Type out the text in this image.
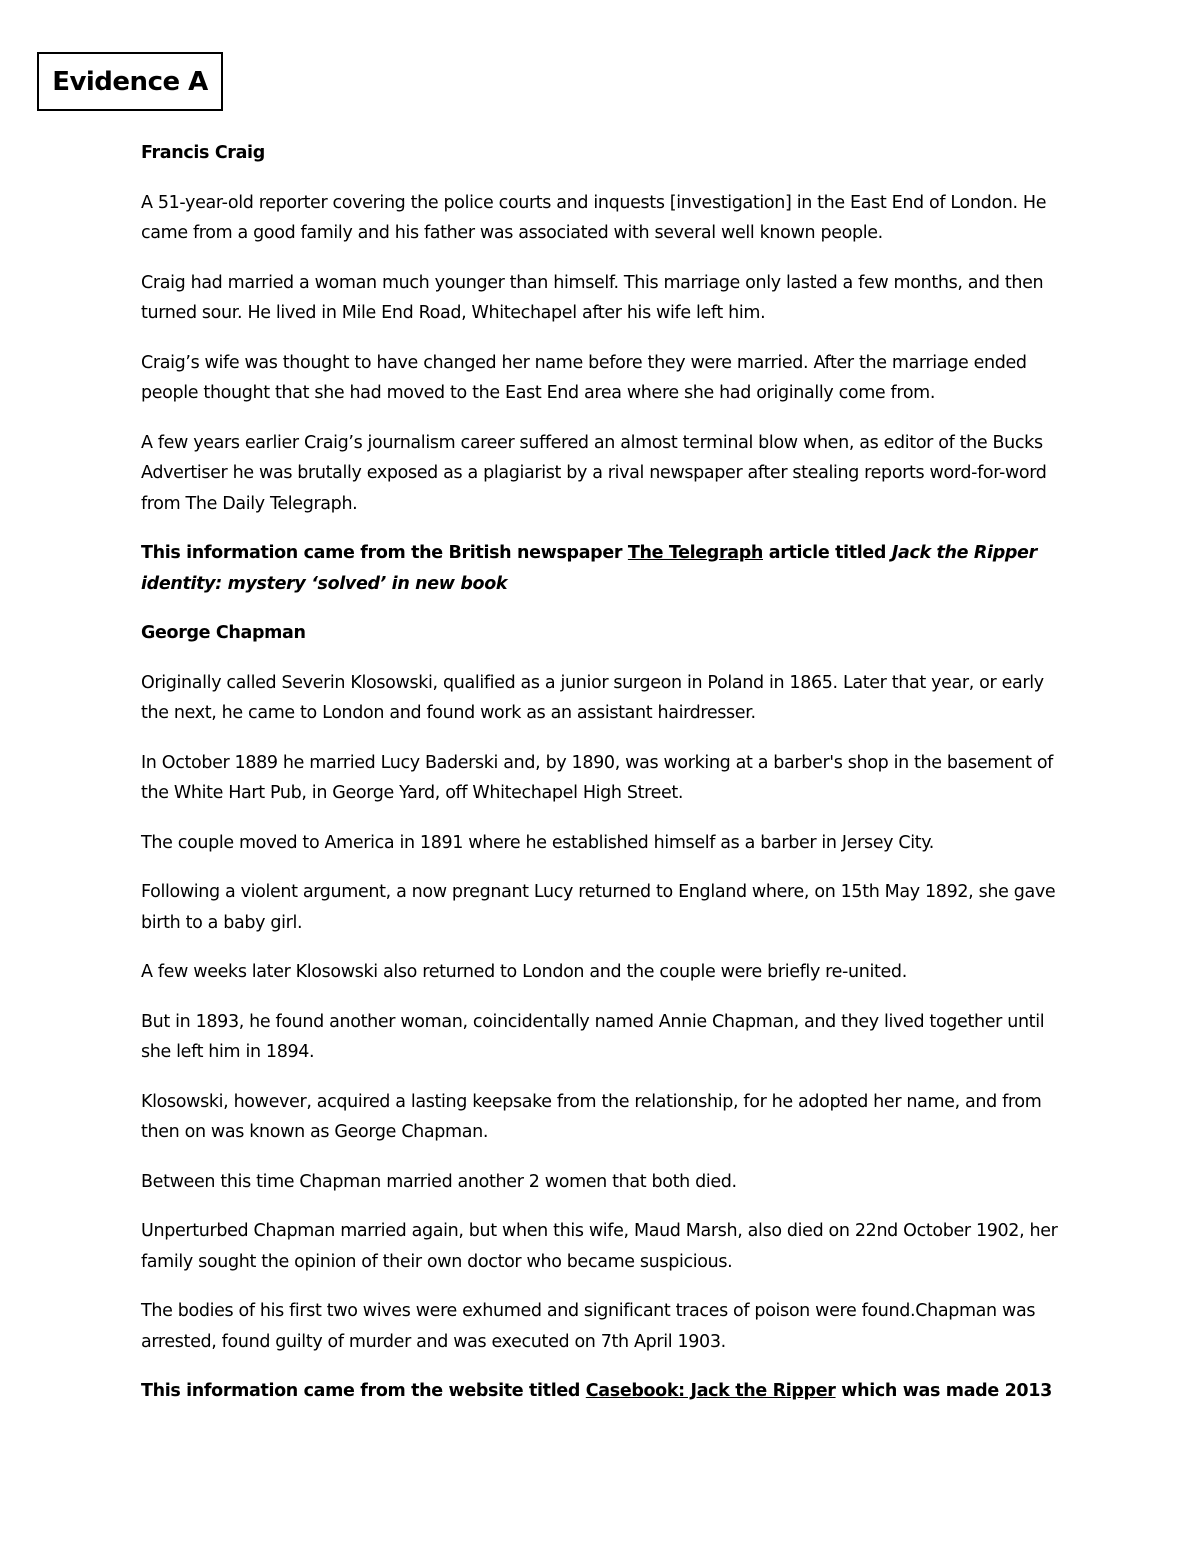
Evidence A

Francis Craig

A 51-year-old reporter covering the police courts and inquests [investigation] in the East End of London. He came from a good family and his father was associated with several well known people.

Craig had married a woman much younger than himself. This marriage only lasted a few months, and then turned sour. He lived in Mile End Road, Whitechapel after his wife left him.

Craig’s wife was thought to have changed her name before they were married. After the marriage ended people thought that she had moved to the East End area where she had originally come from.

A few years earlier Craig’s journalism career suffered an almost terminal blow when, as editor of the Bucks Advertiser he was brutally exposed as a plagiarist by a rival newspaper after stealing reports word-for-word from The Daily Telegraph.

This information came from the British newspaper The Telegraph article titled Jack the Ripper identity: mystery ‘solved’ in new book

George Chapman

Originally called Severin Klosowski, qualified as a junior surgeon in Poland in 1865. Later that year, or early the next, he came to London and found work as an assistant hairdresser.

In October 1889 he married Lucy Baderski and, by 1890, was working at a barber's shop in the basement of the White Hart Pub, in George Yard, off Whitechapel High Street.

The couple moved to America in 1891 where he established himself as a barber in Jersey City.

Following a violent argument, a now pregnant Lucy returned to England where, on 15th May 1892, she gave birth to a baby girl.

A few weeks later Klosowski also returned to London and the couple were briefly re-united.

But in 1893, he found another woman, coincidentally named Annie Chapman, and they lived together until she left him in 1894.

Klosowski, however, acquired a lasting keepsake from the relationship, for he adopted her name, and from then on was known as George Chapman.

Between this time Chapman married another 2 women that both died.

Unperturbed Chapman married again, but when this wife, Maud Marsh, also died on 22nd October 1902, her family sought the opinion of their own doctor who became suspicious.

The bodies of his first two wives were exhumed and significant traces of poison were found.Chapman was arrested, found guilty of murder and was executed on 7th April 1903.

This information came from the website titled Casebook: Jack the Ripper which was made 2013
